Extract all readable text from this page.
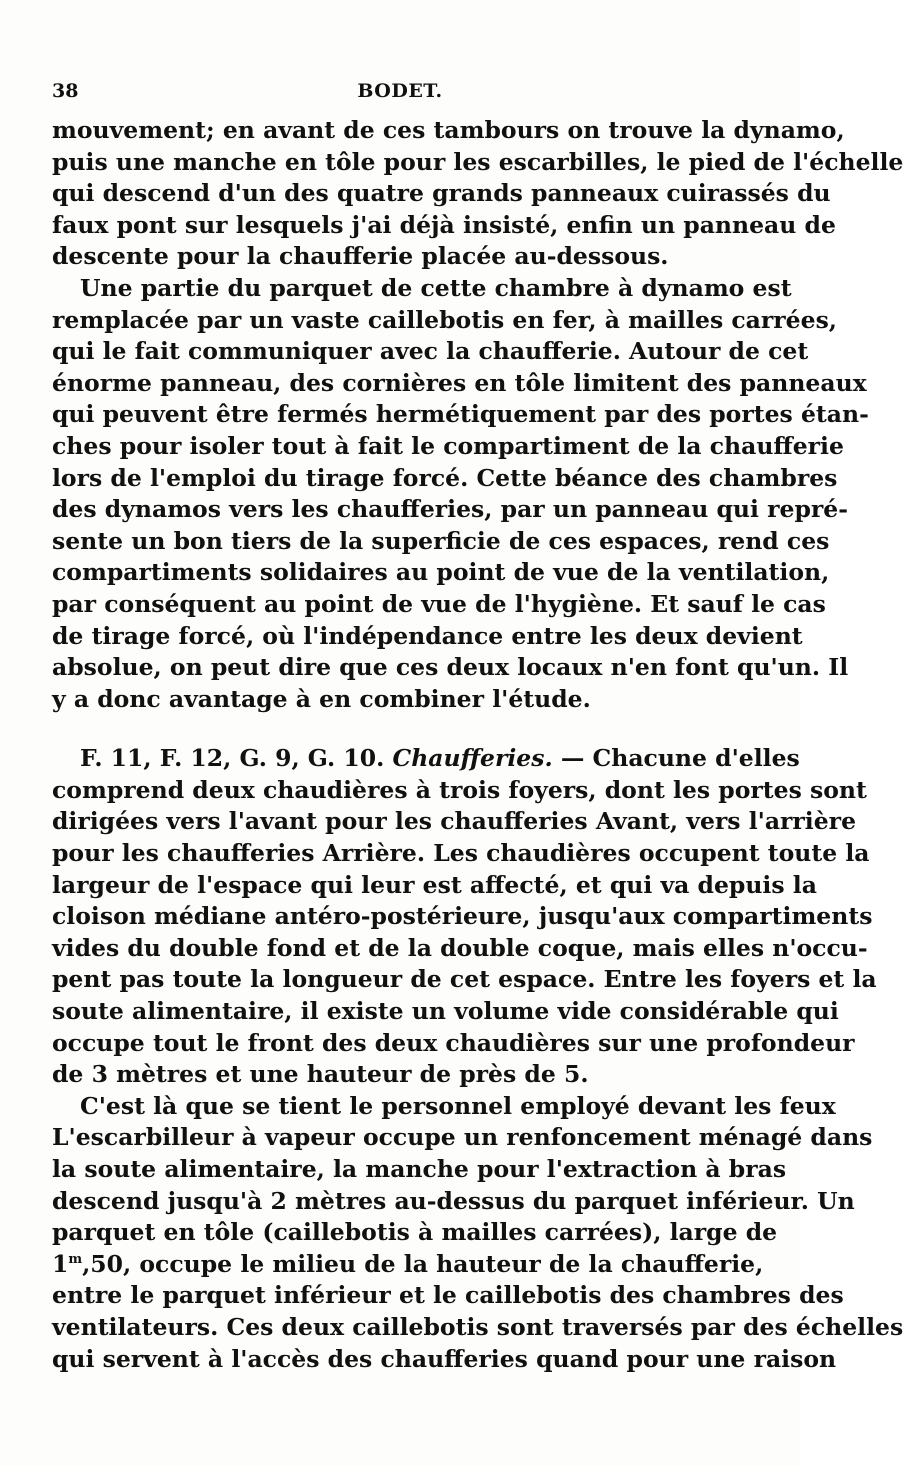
38	BODET.
mouvement; en avant de ces tambours on trouve la dynamo,
puis une manche en tôle pour les escarbilles, le pied de l'échelle
qui descend d'un des quatre grands panneaux cuirassés du
faux pont sur lesquels j'ai déjà insisté, enfin un panneau de
descente pour la chaufferie placée au-dessous.
Une partie du parquet de cette chambre à dynamo est
remplacée par un vaste caillebotis en fer, à mailles carrées,
qui le fait communiquer avec la chaufferie. Autour de cet
énorme panneau, des cornières en tôle limitent des panneaux
qui peuvent être fermés hermétiquement par des portes étan-
ches pour isoler tout à fait le compartiment de la chaufferie
lors de l'emploi du tirage forcé. Cette béance des chambres
des dynamos vers les chaufferies, par un panneau qui repré-
sente un bon tiers de la superficie de ces espaces, rend ces
compartiments solidaires au point de vue de la ventilation,
par conséquent au point de vue de l'hygiène. Et sauf le cas
de tirage forcé, où l'indépendance entre les deux devient
absolue, on peut dire que ces deux locaux n'en font qu'un. Il
y a donc avantage à en combiner l'étude.
F. 11, F. 12, G. 9, G. 10. Chaufferies. — Chacune d'elles
comprend deux chaudières à trois foyers, dont les portes sont
dirigées vers l'avant pour les chaufferies Avant, vers l'arrière
pour les chaufferies Arrière. Les chaudières occupent toute la
largeur de l'espace qui leur est affecté, et qui va depuis la
cloison médiane antéro-postérieure, jusqu'aux compartiments
vides du double fond et de la double coque, mais elles n'occu-
pent pas toute la longueur de cet espace. Entre les foyers et la
soute alimentaire, il existe un volume vide considérable qui
occupe tout le front des deux chaudières sur une profondeur
de 3 mètres et une hauteur de près de 5.
C'est là que se tient le personnel employé devant les feux
L'escarbilleur à vapeur occupe un renfoncement ménagé dans
la soute alimentaire, la manche pour l'extraction à bras
descend jusqu'à 2 mètres au-dessus du parquet inférieur. Un
parquet en tôle (caillebotis à mailles carrées), large de
1$^m$,50, occupe le milieu de la hauteur de la chaufferie,
entre le parquet inférieur et le caillebotis des chambres des
ventilateurs. Ces deux caillebotis sont traversés par des échelles
qui servent à l'accès des chaufferies quand pour une raison
